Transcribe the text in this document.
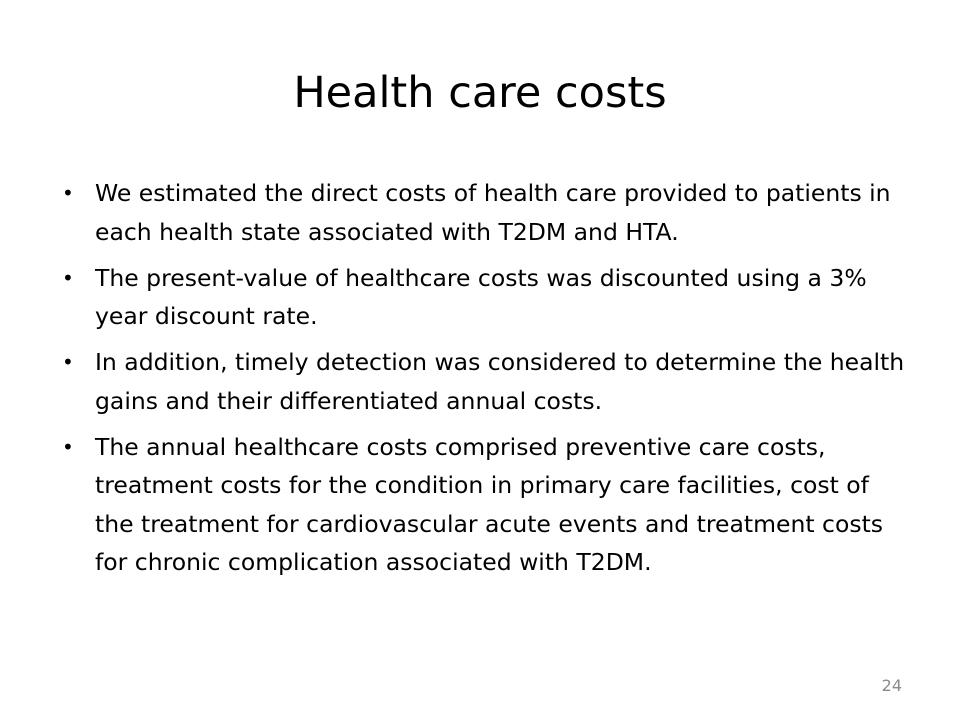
Health care costs
• We estimated the direct costs of health care provided to patients in each health state associated with T2DM and HTA.
• The present-value of healthcare costs was discounted using a 3% year discount rate.
• In addition, timely detection was considered to determine the health gains and their differentiated annual costs.
• The annual healthcare costs comprised preventive care costs, treatment costs for the condition in primary care facilities, cost of the treatment for cardiovascular acute events and treatment costs for chronic complication associated with T2DM.
24
